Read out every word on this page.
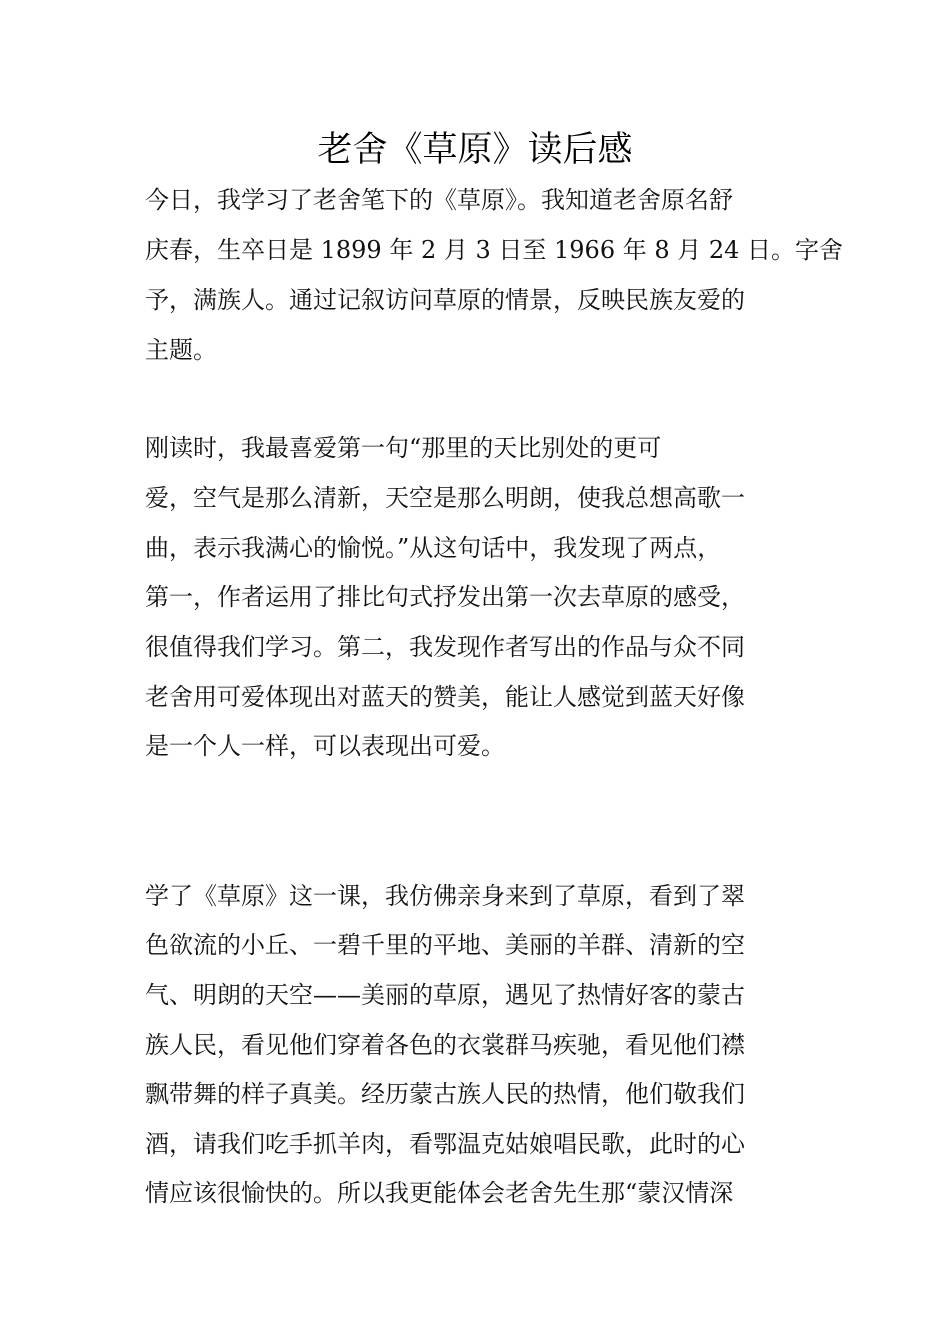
老舍《草原》读后感
今日，我学习了老舍笔下的《草原》。我知道老舍原名舒
庆春，生卒日是 1899 年 2 月 3 日至 1966 年 8 月 24 日。字舍
予，满族人。通过记叙访问草原的情景，反映民族友爱的
主题。
刚读时，我最喜爱第一句“那里的天比别处的更可
爱，空气是那么清新，天空是那么明朗，使我总想高歌一
曲，表示我满心的愉悦。”从这句话中，我发现了两点，
第一，作者运用了排比句式抒发出第一次去草原的感受，
很值得我们学习。第二，我发现作者写出的作品与众不同
老舍用可爱体现出对蓝天的赞美，能让人感觉到蓝天好像
是一个人一样，可以表现出可爱。
学了《草原》这一课，我仿佛亲身来到了草原，看到了翠
色欲流的小丘、一碧千里的平地、美丽的羊群、清新的空
气、明朗的天空——美丽的草原，遇见了热情好客的蒙古
族人民，看见他们穿着各色的衣裳群马疾驰，看见他们襟
飘带舞的样子真美。经历蒙古族人民的热情，他们敬我们
酒，请我们吃手抓羊肉，看鄂温克姑娘唱民歌，此时的心
情应该很愉快的。所以我更能体会老舍先生那“蒙汉情深
